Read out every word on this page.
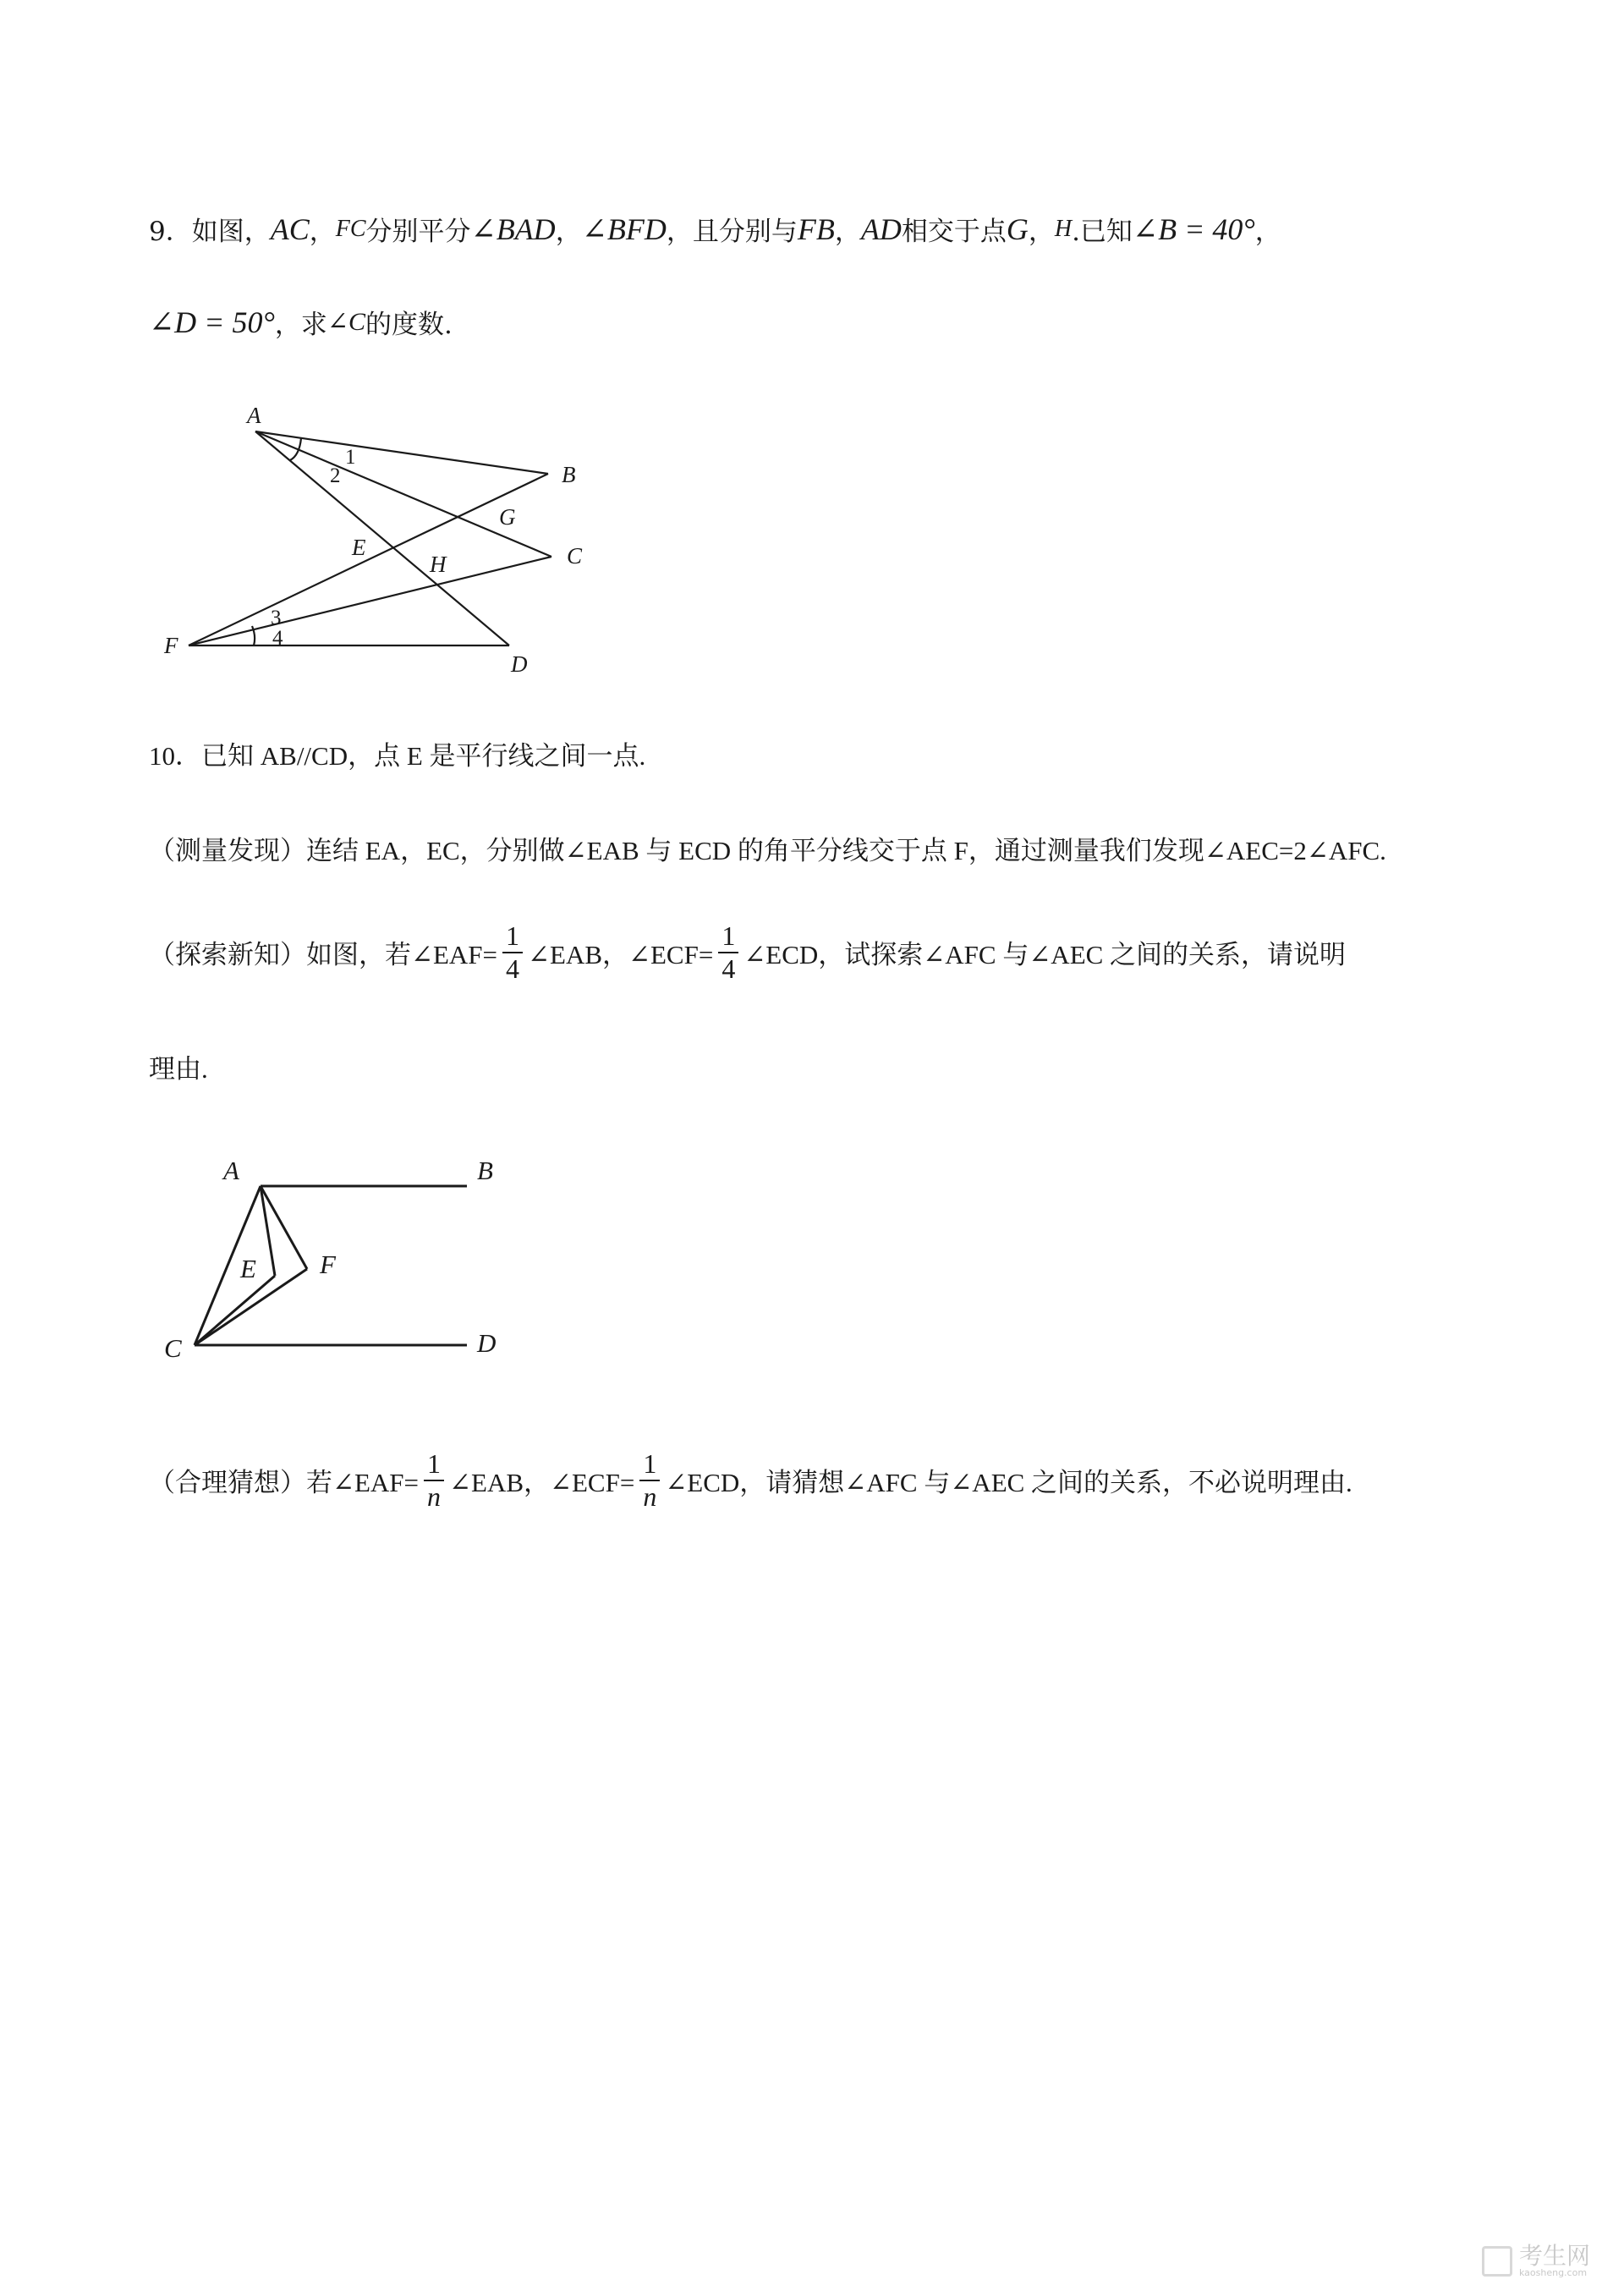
9．如图， AC ， FC 分别平分 ∠BAD ， ∠BFD ，且分别与 FB ， AD 相交于点 G ， H .已知 ∠B = 40° ，
∠D = 50° ，求 ∠C 的度数.
A
B
G
E
H	C
F
D
1
2
3
4
10．已知 AB//CD，点 E 是平行线之间一点.
（测量发现）连结 EA，EC，分别做∠EAB 与 ECD 的角平分线交于点 F，通过测量我们发现∠AEC=2∠AFC.
（探索新知）如图，若∠EAF= $\frac{1}{4}$ ∠EAB，∠ECF= $\frac{1}{4}$ ∠ECD，试探索∠AFC 与∠AEC 之间的关系，请说明
理由.
A	B
E F
C	D
（合理猜想）若∠EAF= $\frac{1}{n}$ ∠EAB，∠ECF= $\frac{1}{n}$ ∠ECD，请猜想∠AFC 与∠AEC 之间的关系，不必说明理由.
考生网
kaosheng.com
